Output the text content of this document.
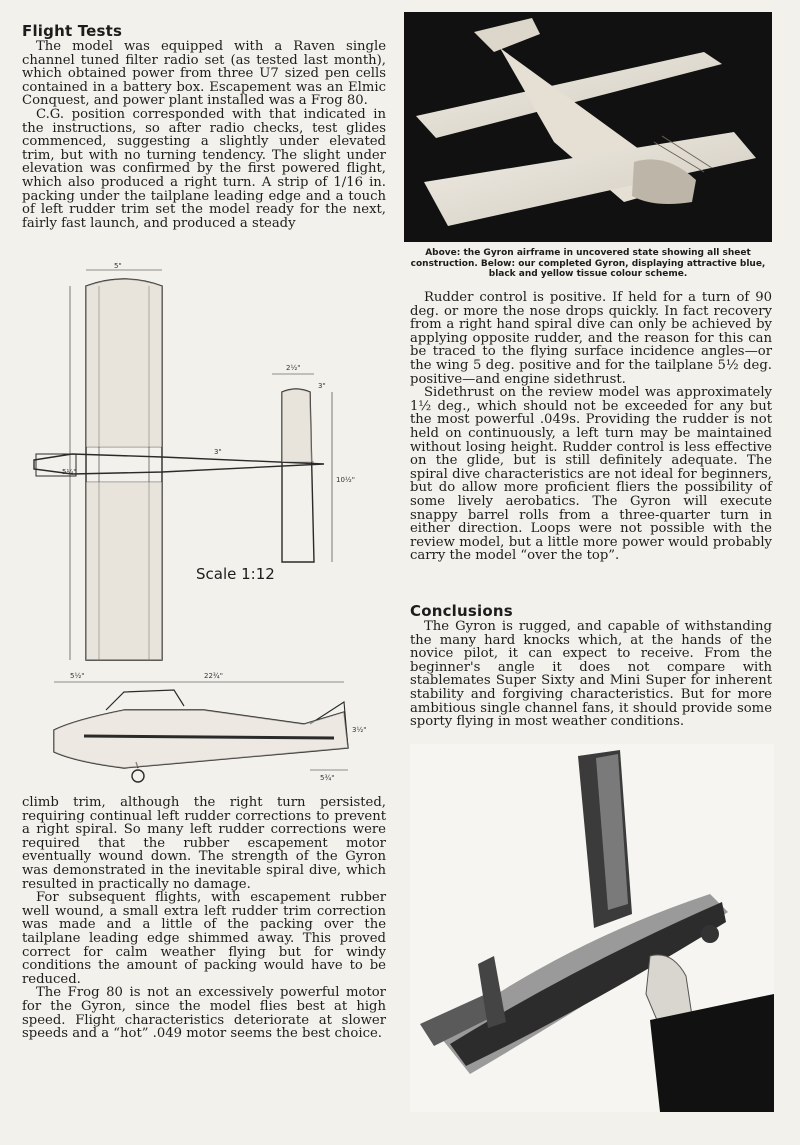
Flight Tests

The model was equipped with a Raven single channel tuned filter radio set (as tested last month), which obtained power from three U7 sized pen cells contained in a battery box. Escapement was an Elmic Conquest, and power plant installed was a Frog 80.

C.G. position corresponded with that indicated in the instructions, so after radio checks, test glides commenced, suggesting a slightly under elevated trim, but with no turning tendency. The slight under elevation was confirmed by the first powered flight, which also produced a right turn. A strip of 1/16 in. packing under the tailplane leading edge and a touch of left rudder trim set the model ready for the next, fairly fast launch, and produced a steady

5"
5¼"
2½"
3"
10½"
3"
22¾"
5½"
3½"
5¾"
Scale 1:12

climb trim, although the right turn persisted, requiring continual left rudder corrections to prevent a right spiral. So many left rudder corrections were required that the rubber escapement motor eventually wound down. The strength of the Gyron was demonstrated in the inevitable spiral dive, which resulted in practically no damage.

For subsequent flights, with escapement rubber well wound, a small extra left rudder trim correction was made and a little of the packing over the tailplane leading edge shimmed away. This proved correct for calm weather flying but for windy conditions the amount of packing would have to be reduced.

The Frog 80 is not an excessively powerful motor for the Gyron, since the model flies best at high speed. Flight characteristics deteriorate at slower speeds and a “hot” .049 motor seems the best choice.

Above: the Gyron airframe in uncovered state showing all sheet construction. Below: our completed Gyron, displaying attractive blue, black and yellow tissue colour scheme.

Rudder control is positive. If held for a turn of 90 deg. or more the nose drops quickly. In fact recovery from a right hand spiral dive can only be achieved by applying opposite rudder, and the reason for this can be traced to the flying surface incidence angles—or the wing 5 deg. positive and for the tailplane 5½ deg. positive—and engine sidethrust.

Sidethrust on the review model was approximately 1½ deg., which should not be exceeded for any but the most powerful .049s. Providing the rudder is not held on continuously, a left turn may be maintained without losing height. Rudder control is less effective on the glide, but is still definitely adequate. The spiral dive characteristics are not ideal for beginners, but do allow more proficient fliers the possibility of some lively aerobatics. The Gyron will execute snappy barrel rolls from a three-quarter turn in either direction. Loops were not possible with the review model, but a little more power would probably carry the model “over the top”.

Conclusions

The Gyron is rugged, and capable of withstanding the many hard knocks which, at the hands of the novice pilot, it can expect to receive. From the beginner's angle it does not compare with stablemates Super Sixty and Mini Super for inherent stability and forgiving characteristics. But for more ambitious single channel fans, it should provide some sporty flying in most weather conditions.
